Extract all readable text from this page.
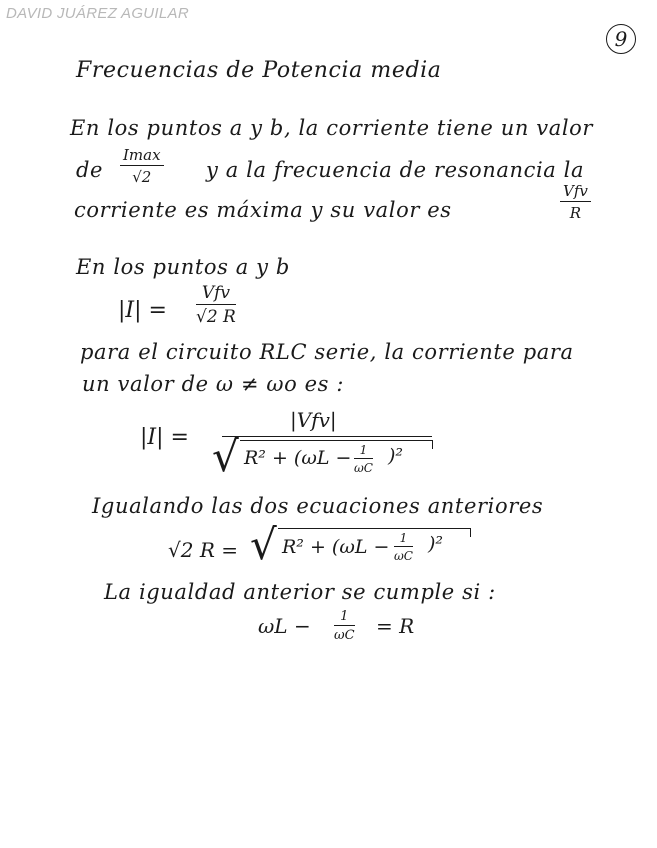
DAVID JUÁREZ AGUILAR
9
Frecuencias de Potencia media
En los puntos a y b, la corriente tiene un valor
de
Imax
√2	y a la frecuencia de resonancia la
corriente es máxima y su valor es
Vfv
R
En los puntos a y b
|I| =
Vfv
√2 R
para el circuito RLC serie, la corriente para
un valor de ω ≠ ωo es :
|I| =
|Vfv|
√ $R^2 + (\omega L - \frac{1}{\omega C} )^2$
Igualando las dos ecuaciones anteriores
√2 R = √ $R^2 + (\omega L - \frac{1}{\omega C} )^2$
La igualdad anterior se cumple si :
$\omega L - \frac{1}{\omega C} = R$
